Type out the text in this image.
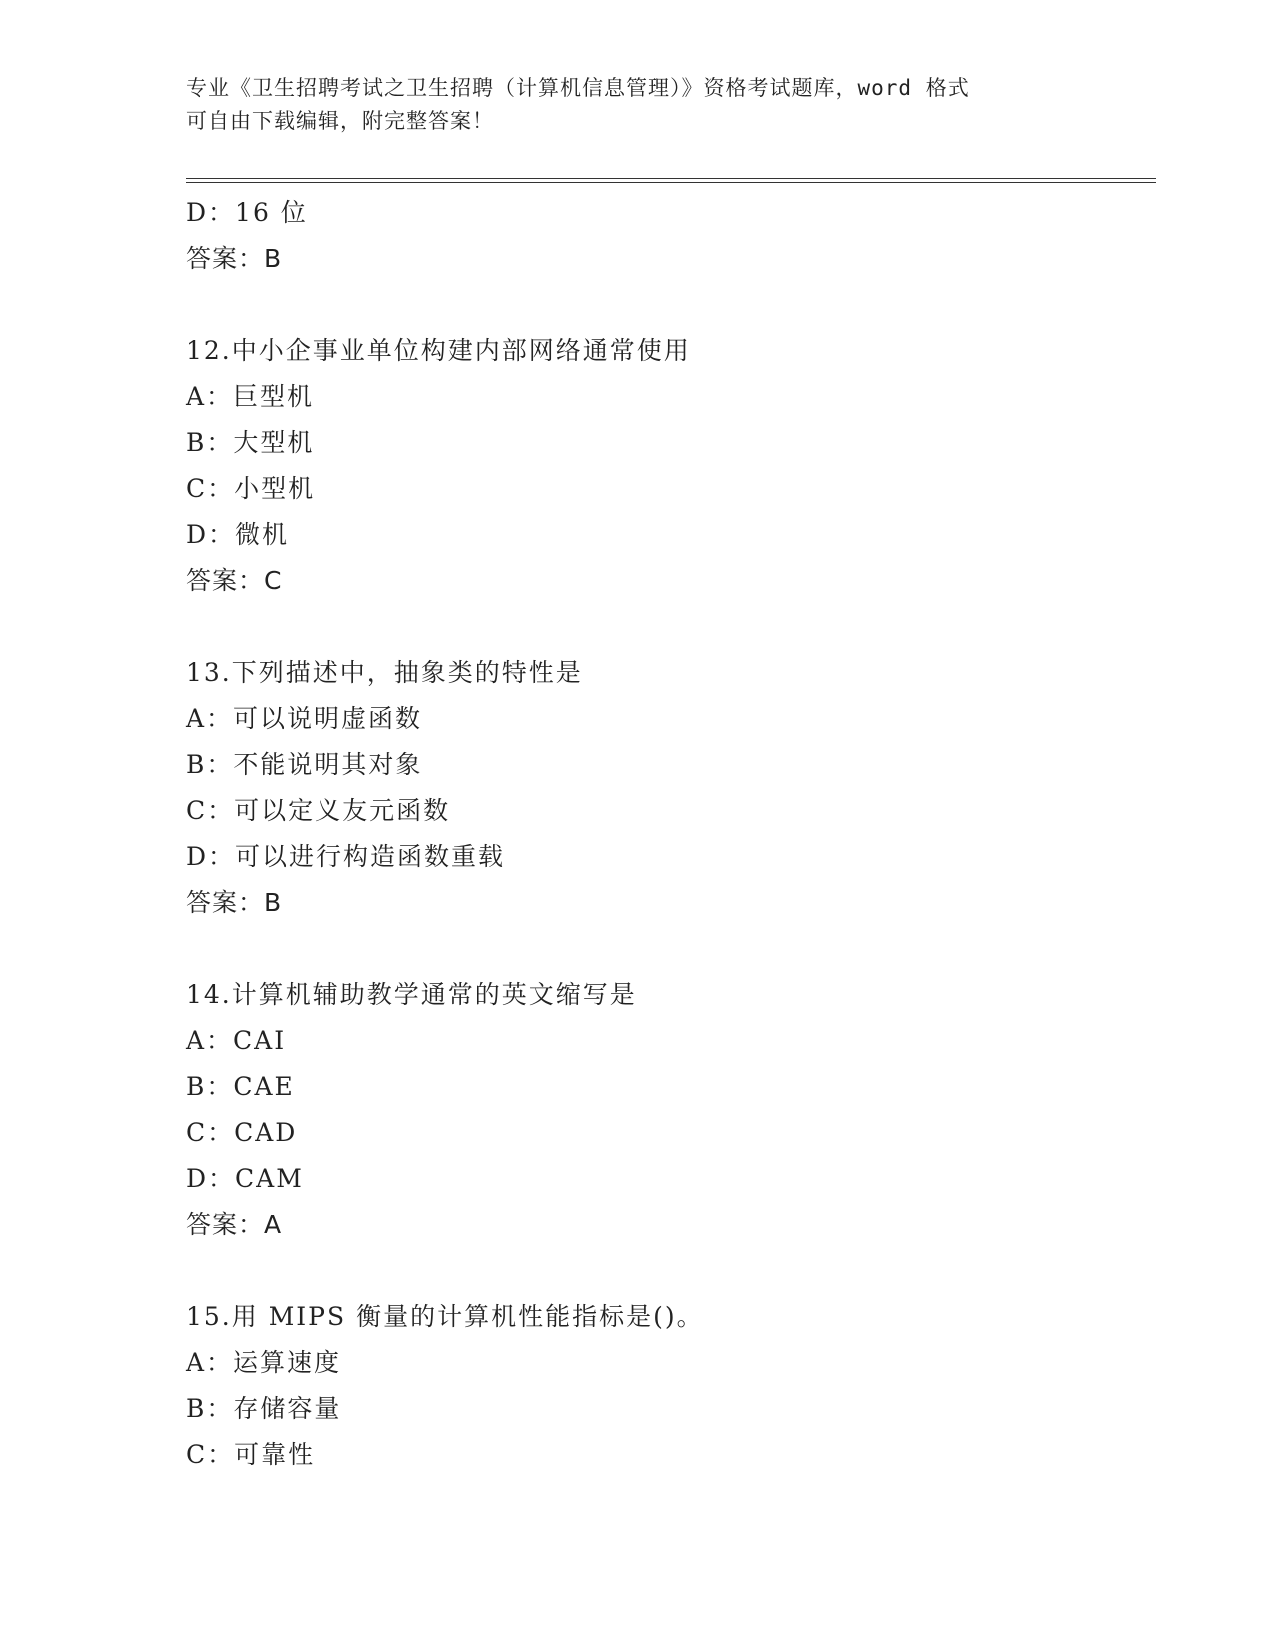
专业《卫生招聘考试之卫生招聘（计算机信息管理）》资格考试题库，word 格式
可自由下载编辑，附完整答案！
D：16 位
答案：B
12.中小企事业单位构建内部网络通常使用
A：巨型机
B：大型机
C：小型机
D：微机
答案：C
13.下列描述中，抽象类的特性是
A：可以说明虚函数
B：不能说明其对象
C：可以定义友元函数
D：可以进行构造函数重载
答案：B
14.计算机辅助教学通常的英文缩写是
A：CAI
B：CAE
C：CAD
D：CAM
答案：A
15.用 MIPS 衡量的计算机性能指标是()。
A：运算速度
B：存储容量
C：可靠性
